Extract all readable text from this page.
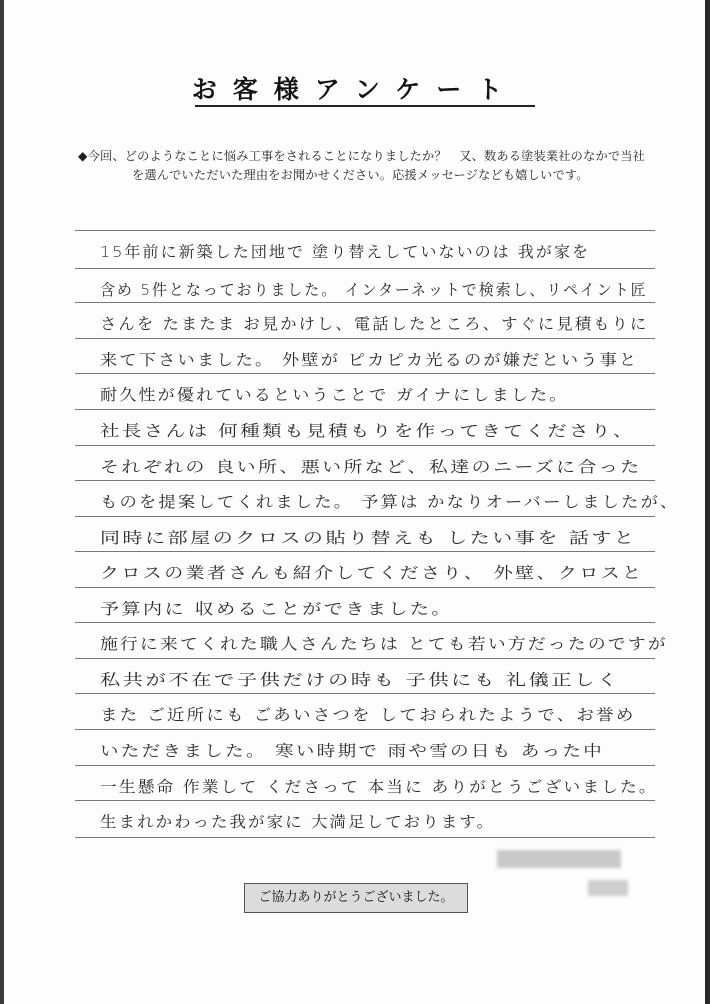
お客様アンケート
◆今回、どのようなことに悩み工事をされることになりましたか？　又、数ある塗装業社のなかで当社
を選んでいただいた理由をお聞かせください。応援メッセージなども嬉しいです。
15年前に新築した団地で 塗り替えしていないのは 我が家を
含め 5件となっておりました。 インターネットで検索し、リペイント匠
さんを たまたま お見かけし、電話したところ、すぐに見積もりに
来て下さいました。 外壁が ピカピカ光るのが嫌だという事と
耐久性が優れているということで ガイナにしました。
社長さんは 何種類も見積もりを作ってきてくださり、
それぞれの 良い所、悪い所など、私達のニーズに合った
ものを提案してくれました。 予算は かなりオーバーしましたが、
同時に部屋のクロスの貼り替えも したい事を 話すと
クロスの業者さんも紹介してくださり、 外壁、クロスと
予算内に 収めることができました。
施行に来てくれた職人さんたちは とても若い方だったのですが
私共が不在で子供だけの時も 子供にも 礼儀正しく
また ご近所にも ごあいさつを しておられたようで、お誉め
いただきました。 寒い時期で 雨や雪の日も あった中
一生懸命 作業して くださって 本当に ありがとうございました。
生まれかわった我が家に 大満足しております。
ご協力ありがとうございました。
